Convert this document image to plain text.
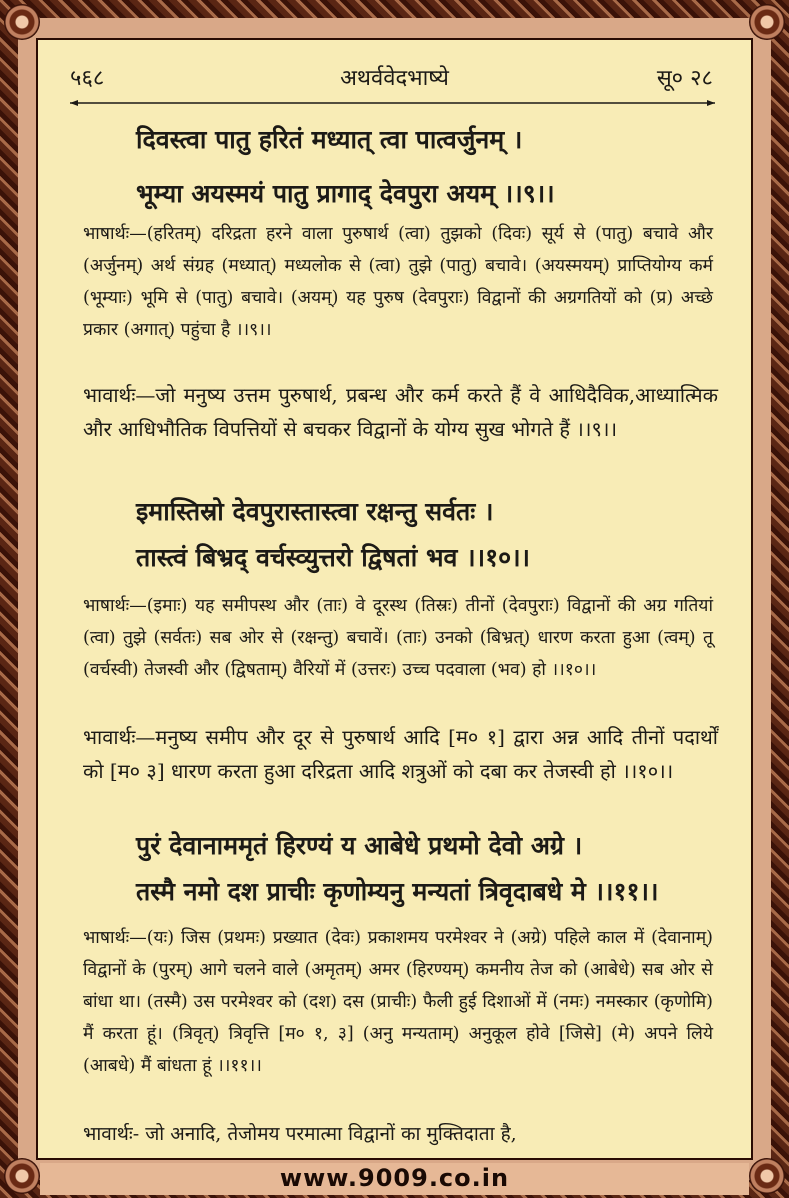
५६८	अथर्ववेदभाष्ये	सू० २८
दिवस्त्वा पातु हरितं मध्यात् त्वा पात्वर्जुनम् ।
भूम्या अयस्मयं पातु प्रागाद् देवपुरा अयम् ।।९।।
भाषार्थः—(हरितम्) दरिद्रता हरने वाला पुरुषार्थ (त्वा) तुझको (दिवः) सूर्य से (पातु) बचावे और (अर्जुनम्) अर्थ संग्रह (मध्यात्) मध्यलोक से (त्वा) तुझे (पातु) बचावे। (अयस्मयम्) प्राप्तियोग्य कर्म (भूम्याः) भूमि से (पातु) बचावे। (अयम्) यह पुरुष (देवपुराः) विद्वानों की अग्रगतियों को (प्र) अच्छे प्रकार (अगात्) पहुंचा है ।।९।।
भावार्थः—जो मनुष्य उत्तम पुरुषार्थ, प्रबन्ध और कर्म करते हैं वे आधिदैविक,आध्यात्मिक और आधिभौतिक विपत्तियों से बचकर विद्वानों के योग्य सुख भोगते हैं ।।९।।
इमास्तिस्रो देवपुरास्तास्त्वा रक्षन्तु सर्वतः ।
तास्त्वं बिभ्रद् वर्चस्व्युत्तरो द्विषतां भव ।।१०।।
भाषार्थः—(इमाः) यह समीपस्थ और (ताः) वे दूरस्थ (तिस्रः) तीनों (देवपुराः) विद्वानों की अग्र गतियां (त्वा) तुझे (सर्वतः) सब ओर से (रक्षन्तु) बचावें। (ताः) उनको (बिभ्रत्) धारण करता हुआ (त्वम्) तू (वर्चस्वी) तेजस्वी और (द्विषताम्) वैरियों में (उत्तरः) उच्च पदवाला (भव) हो ।।१०।।
भावार्थः—मनुष्य समीप और दूर से पुरुषार्थ आदि [म० १] द्वारा अन्न आदि तीनों पदार्थों को [म० ३] धारण करता हुआ दरिद्रता आदि शत्रुओं को दबा कर तेजस्वी हो ।।१०।।
पुरं देवानाममृतं हिरण्यं य आबेधे प्रथमो देवो अग्रे ।
तस्मै नमो दश प्राचीः कृणोम्यनु मन्यतां त्रिवृदाबधे मे ।।११।।
भाषार्थः—(यः) जिस (प्रथमः) प्रख्यात (देवः) प्रकाशमय परमेश्वर ने (अग्रे) पहिले काल में (देवानाम्) विद्वानों के (पुरम्) आगे चलने वाले (अमृतम्) अमर (हिरण्यम्) कमनीय तेज को (आबेधे) सब ओर से बांधा था। (तस्मै) उस परमेश्वर को (दश) दस (प्राचीः) फैली हुई दिशाओं में (नमः) नमस्कार (कृणोमि) मैं करता हूं। (त्रिवृत्) त्रिवृत्ति [म० १, ३] (अनु मन्यताम्) अनुकूल होवे [जिसे] (मे) अपने लिये (आबधे) मैं बांधता हूं ।।११।।
भावार्थः- जो अनादि, तेजोमय परमात्मा विद्वानों का मुक्तिदाता है,
www.9009.co.in
